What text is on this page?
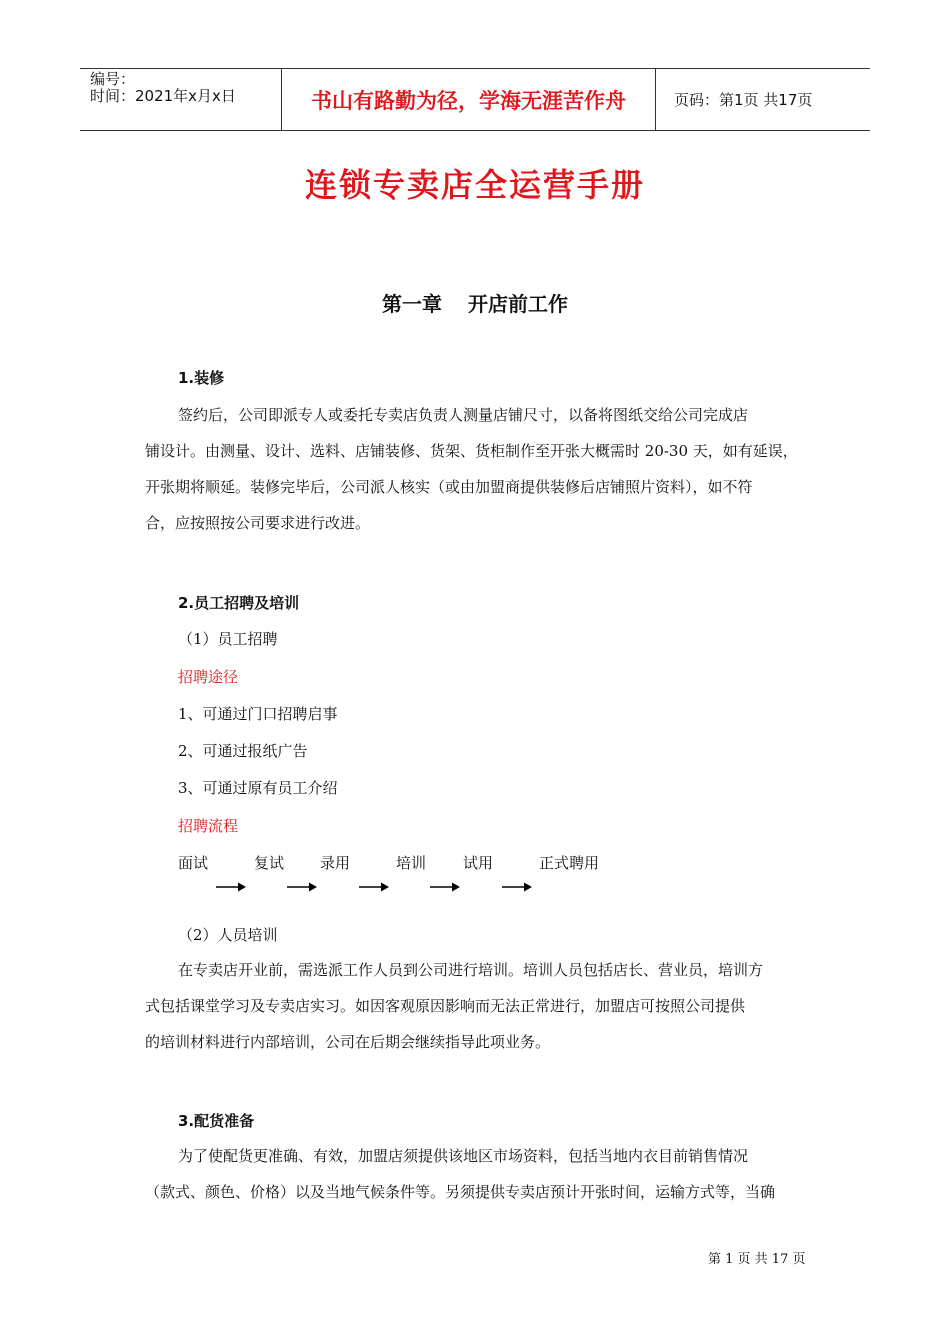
编号：
时间：2021年x月x日	书山有路勤为径，学海无涯苦作舟	页码：第1页 共17页
连锁专卖店全运营手册
第一章 开店前工作
1.装修
签约后，公司即派专人或委托专卖店负责人测量店铺尺寸，以备将图纸交给公司完成店
铺设计。由测量、设计、选料、店铺装修、货架、货柜制作至开张大概需时 20-30 天，如有延误，
开张期将顺延。装修完毕后，公司派人核实（或由加盟商提供装修后店铺照片资料），如不符
合，应按照按公司要求进行改进。
2.员工招聘及培训
（1）员工招聘
招聘途径
1、可通过门口招聘启事
2、可通过报纸广告
3、可通过原有员工介绍
招聘流程
面试	复试 录用	培训 试用	正式聘用
（2）人员培训
在专卖店开业前，需选派工作人员到公司进行培训。培训人员包括店长、营业员，培训方
式包括课堂学习及专卖店实习。如因客观原因影响而无法正常进行，加盟店可按照公司提供
的培训材料进行内部培训，公司在后期会继续指导此项业务。
3.配货准备
为了使配货更准确、有效，加盟店须提供该地区市场资料，包括当地内衣目前销售情况
（款式、颜色、价格）以及当地气候条件等。另须提供专卖店预计开张时间，运输方式等，当确
第 1 页 共 17 页
